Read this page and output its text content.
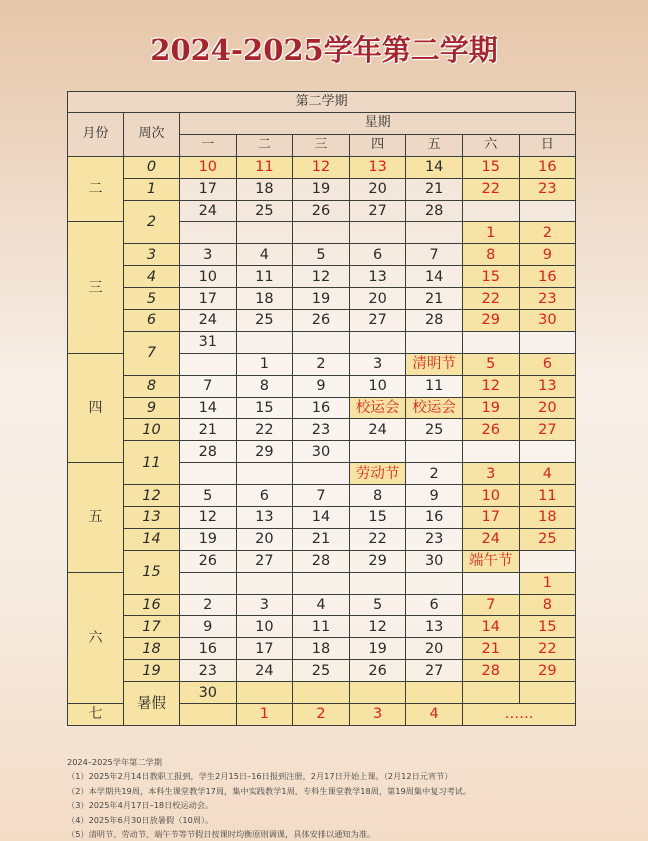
2024-2025学年第二学期
第二学期								
月份	周次	星期						
		一	二	三	四	五	六	日
二	0	10	11	12	13	14	15	16
	1	17	18	19	20	21	22	23
	2	24	25	26	27	28		
三							1	2
	3	3	4	5	6	7	8	9
	4	10	11	12	13	14	15	16
	5	17	18	19	20	21	22	23
	6	24	25	26	27	28	29	30
	7	31						
四			1	2	3	清明节	5	6
	8	7	8	9	10	11	12	13
	9	14	15	16	校运会	校运会	19	20
	10	21	22	23	24	25	26	27
	11	28	29	30				
五					劳动节	2	3	4
	12	5	6	7	8	9	10	11
	13	12	13	14	15	16	17	18
	14	19	20	21	22	23	24	25
	15	26	27	28	29	30	端午节	
六								1
	16	2	3	4	5	6	7	8
	17	9	10	11	12	13	14	15
	18	16	17	18	19	20	21	22
	19	23	24	25	26	27	28	29
	暑假	30						
七			1	2	3	4	……	
2024–2025学年第二学期
（1）2025年2月14日教职工报到，学生2月15日–16日报到注册，2月17日开始上课。（2月12日元宵节）
（2）本学期共19周，本科生课堂教学17周，集中实践教学1周，专科生课堂教学18周，第19周集中复习考试。
（3）2025年4月17日–18日校运动会。
（4）2025年6月30日放暑假（10周）。
（5）清明节、劳动节、端午节等节假日按课时均衡原则调课，具体安排以通知为准。
